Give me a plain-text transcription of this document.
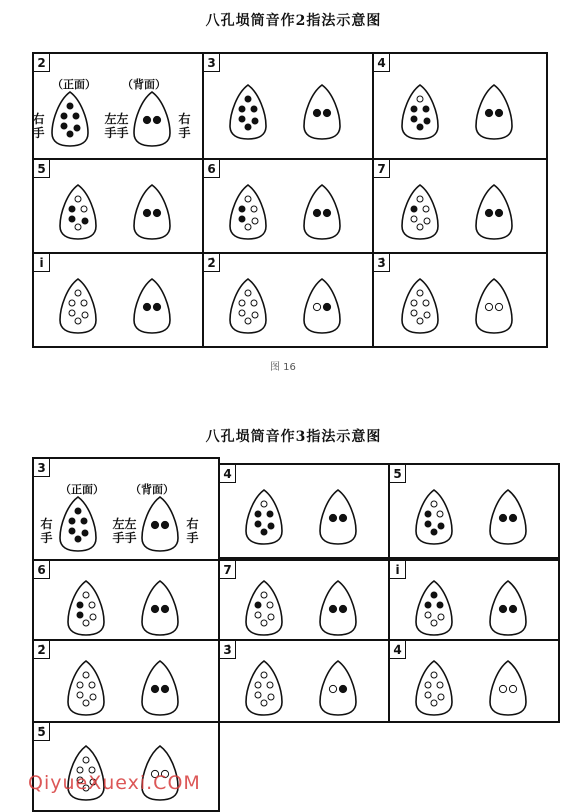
八孔埙筒音作2指法示意图
2
（正面） （背面）
右
手
左
手
左
手
右
手
3	4
5	6	7
i	2̇	3̇
图 16
八孔埙筒音作3指法示意图
3
（正面） （背面）
右
手
左
手
左
手
右
手
4	5
6	7	i
2̇	3̇	4̇
5̇
QiyueXuexi.COM
